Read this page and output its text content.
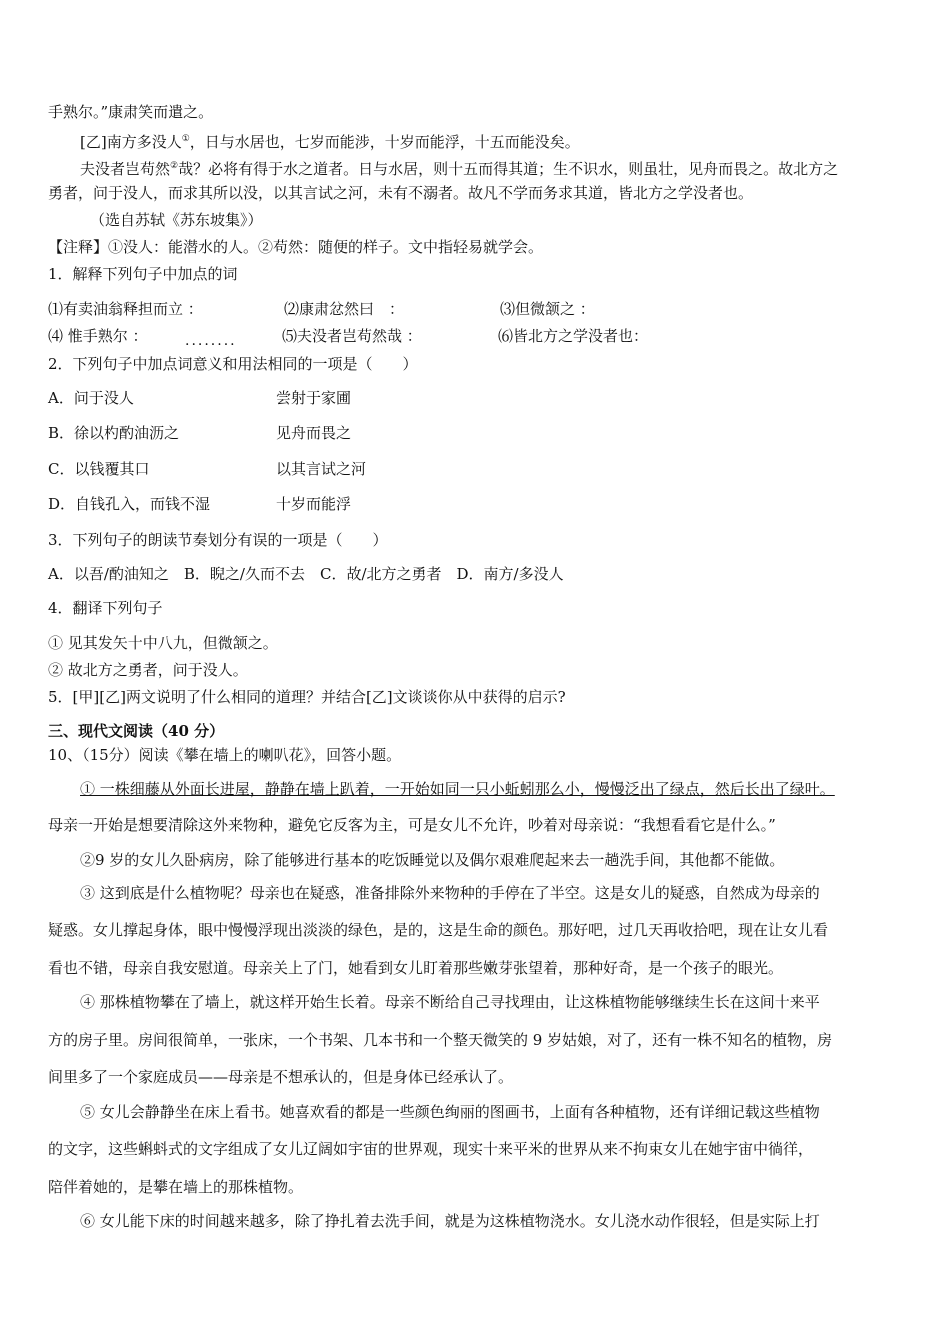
手熟尔。”康肃笑而遣之。
[乙]南方多没人①，日与水居也，七岁而能涉，十岁而能浮，十五而能没矣。
夫没者岂苟然②哉？必将有得于水之道者。日与水居，则十五而得其道；生不识水，则虽壮，见舟而畏之。故北方之
勇者，问于没人，而求其所以没，以其言试之河，未有不溺者。故凡不学而务求其道，皆北方之学没者也。
（选自苏轼《苏东坡集》）
【注释】①没人：能潜水的人。②苟然：随便的样子。文中指轻易就学会。
1．解释下列句子中加点的词
⑴有卖油翁释担而立 ：	⑵康肃忿然曰　：	⑶但微颔之 ：
⑷ 惟手熟尔 ：	........	⑸夫没者岂苟然哉 ：	⑹皆北方之学没者也：
2．下列句子中加点词意义和用法相同的一项是（　　）
A．问于没人	尝射于家圃
B．徐以杓酌油沥之	见舟而畏之
C．以钱覆其口	以其言试之河
D．自钱孔入，而钱不湿	十岁而能浮
3．下列句子的朗读节奏划分有误的一项是（　　）
A．以吾/酌油知之　B．睨之/久而不去　C．故/北方之勇者　D．南方/多没人
4．翻译下列句子
① 见其发矢十中八九，但微颔之。
② 故北方之勇者，问于没人。
5．[甲][乙]两文说明了什么相同的道理？并结合[乙]文谈谈你从中获得的启示?
三、现代文阅读（40 分）
10、（15分）阅读《攀在墙上的喇叭花》，回答小题。
① 一株细藤从外面长进屋，静静在墙上趴着，一开始如同一只小蚯蚓那么小，慢慢泛出了绿点，然后长出了绿叶。
母亲一开始是想要清除这外来物种，避免它反客为主，可是女儿不允许，吵着对母亲说：“我想看看它是什么。”
②9 岁的女儿久卧病房，除了能够进行基本的吃饭睡觉以及偶尔艰难爬起来去一趟洗手间，其他都不能做。
③ 这到底是什么植物呢？母亲也在疑惑，准备排除外来物种的手停在了半空。这是女儿的疑惑，自然成为母亲的
疑惑。女儿撑起身体，眼中慢慢浮现出淡淡的绿色，是的，这是生命的颜色。那好吧，过几天再收拾吧，现在让女儿看
看也不错，母亲自我安慰道。母亲关上了门，她看到女儿盯着那些嫩芽张望着，那种好奇，是一个孩子的眼光。
④ 那株植物攀在了墙上，就这样开始生长着。母亲不断给自己寻找理由，让这株植物能够继续生长在这间十来平
方的房子里。房间很简单，一张床，一个书架、几本书和一个整天微笑的 9 岁姑娘，对了，还有一株不知名的植物，房
间里多了一个家庭成员——母亲是不想承认的，但是身体已经承认了。
⑤ 女儿会静静坐在床上看书。她喜欢看的都是一些颜色绚丽的图画书，上面有各种植物，还有详细记载这些植物
的文字，这些蝌蚪式的文字组成了女儿辽阔如宇宙的世界观，现实十来平米的世界从来不拘束女儿在她宇宙中徜徉，
陪伴着她的，是攀在墙上的那株植物。
⑥ 女儿能下床的时间越来越多，除了挣扎着去洗手间，就是为这株植物浇水。女儿浇水动作很轻，但是实际上打
